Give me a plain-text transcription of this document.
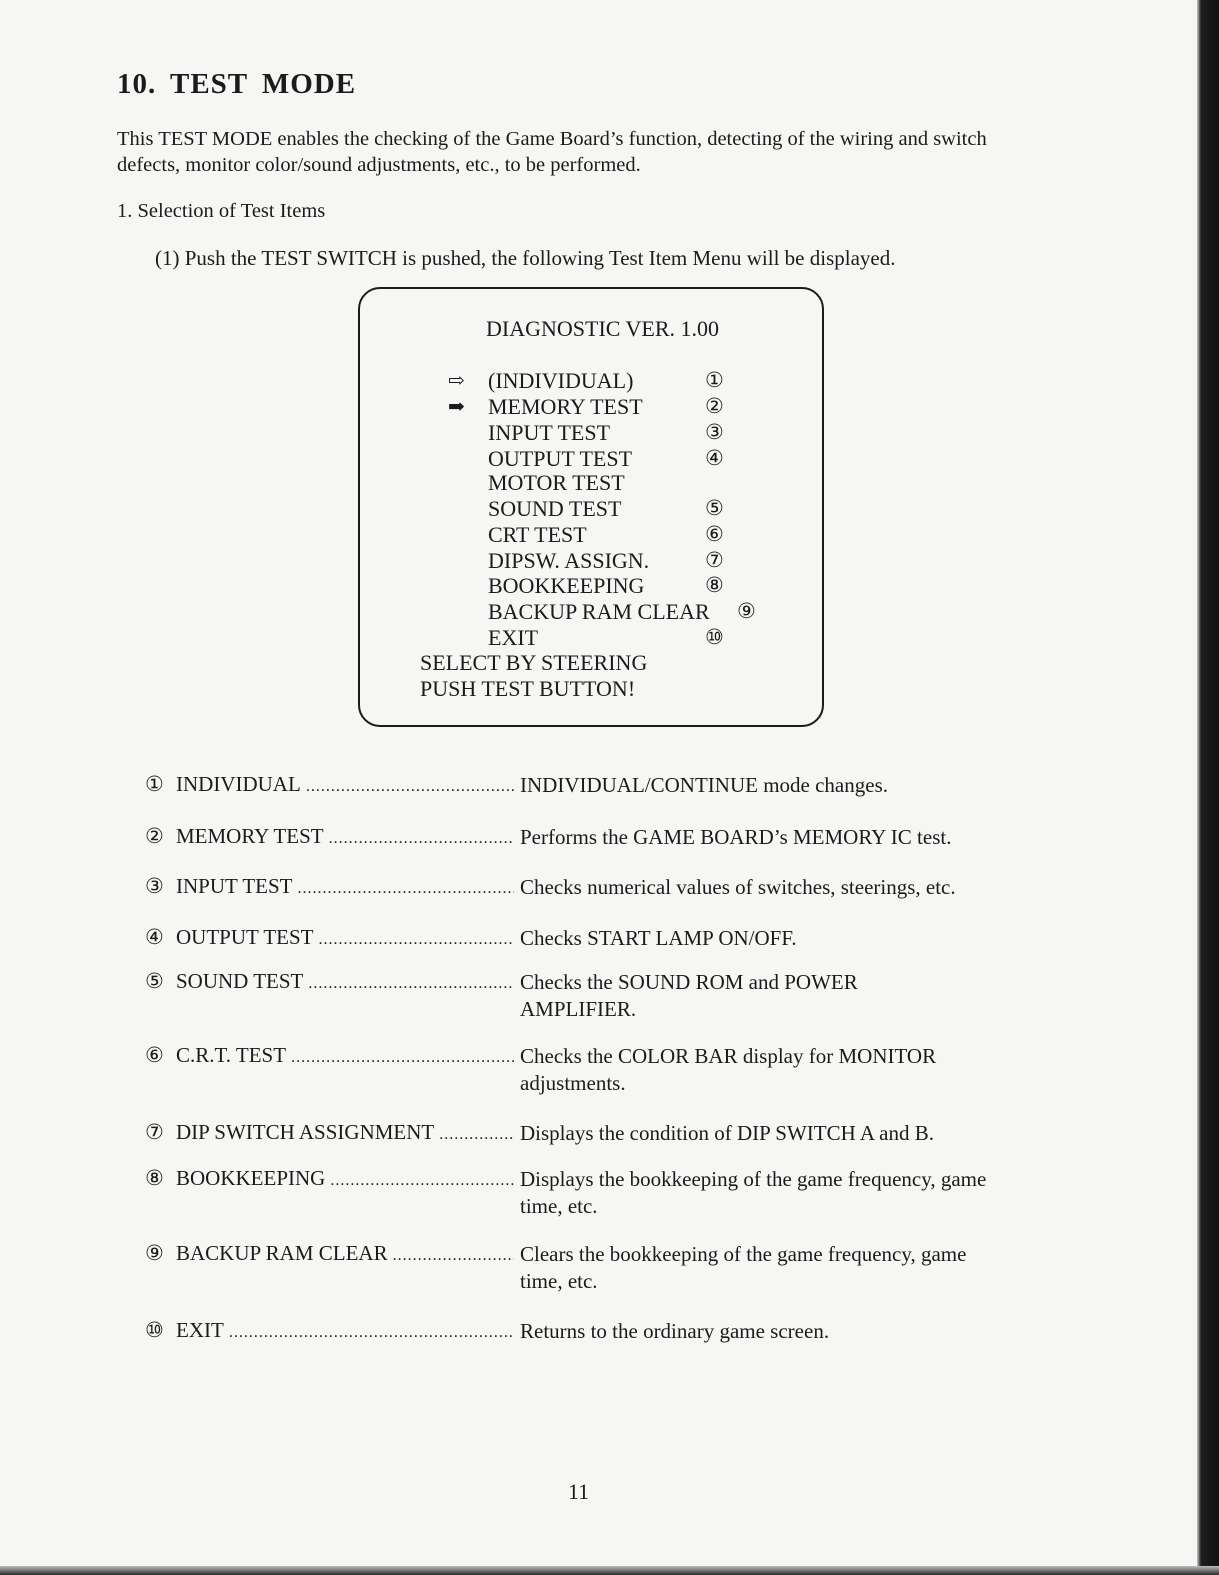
10. TEST MODE
This TEST MODE enables the checking of the Game Board’s function, detecting of the wiring and switch defects, monitor color/sound adjustments, etc., to be performed.
1. Selection of Test Items
(1) Push the TEST SWITCH is pushed, the following Test Item Menu will be displayed.
DIAGNOSTIC VER. 1.00
⇨	(INDIVIDUAL)	①
➡	MEMORY TEST	②
INPUT TEST	③
OUTPUT TEST	④
MOTOR TEST
SOUND TEST	⑤
CRT TEST	⑥
DIPSW. ASSIGN.	⑦
BOOKKEEPING	⑧
BACKUP RAM CLEAR ⑨
EXIT	⑩
SELECT BY STEERING
PUSH TEST BUTTON!
① INDIVIDUAL .....	INDIVIDUAL/CONTINUE mode changes.
② MEMORY TEST .....	Performs the GAME BOARD’s MEMORY IC test.
③ INPUT TEST .....	Checks numerical values of switches, steerings, etc.
④ OUTPUT TEST .....	Checks START LAMP ON/OFF.
⑤ SOUND TEST .....	Checks the SOUND ROM and POWER AMPLIFIER.
⑥ C.R.T. TEST .....	Checks the COLOR BAR display for MONITOR adjustments.
⑦ DIP SWITCH ASSIGNMENT .....	Displays the condition of DIP SWITCH A and B.
⑧ BOOKKEEPING .....	Displays the bookkeeping of the game frequency, game time, etc.
⑨ BACKUP RAM CLEAR .....	Clears the bookkeeping of the game frequency, game time, etc.
⑩ EXIT .....	Returns to the ordinary game screen.
11
